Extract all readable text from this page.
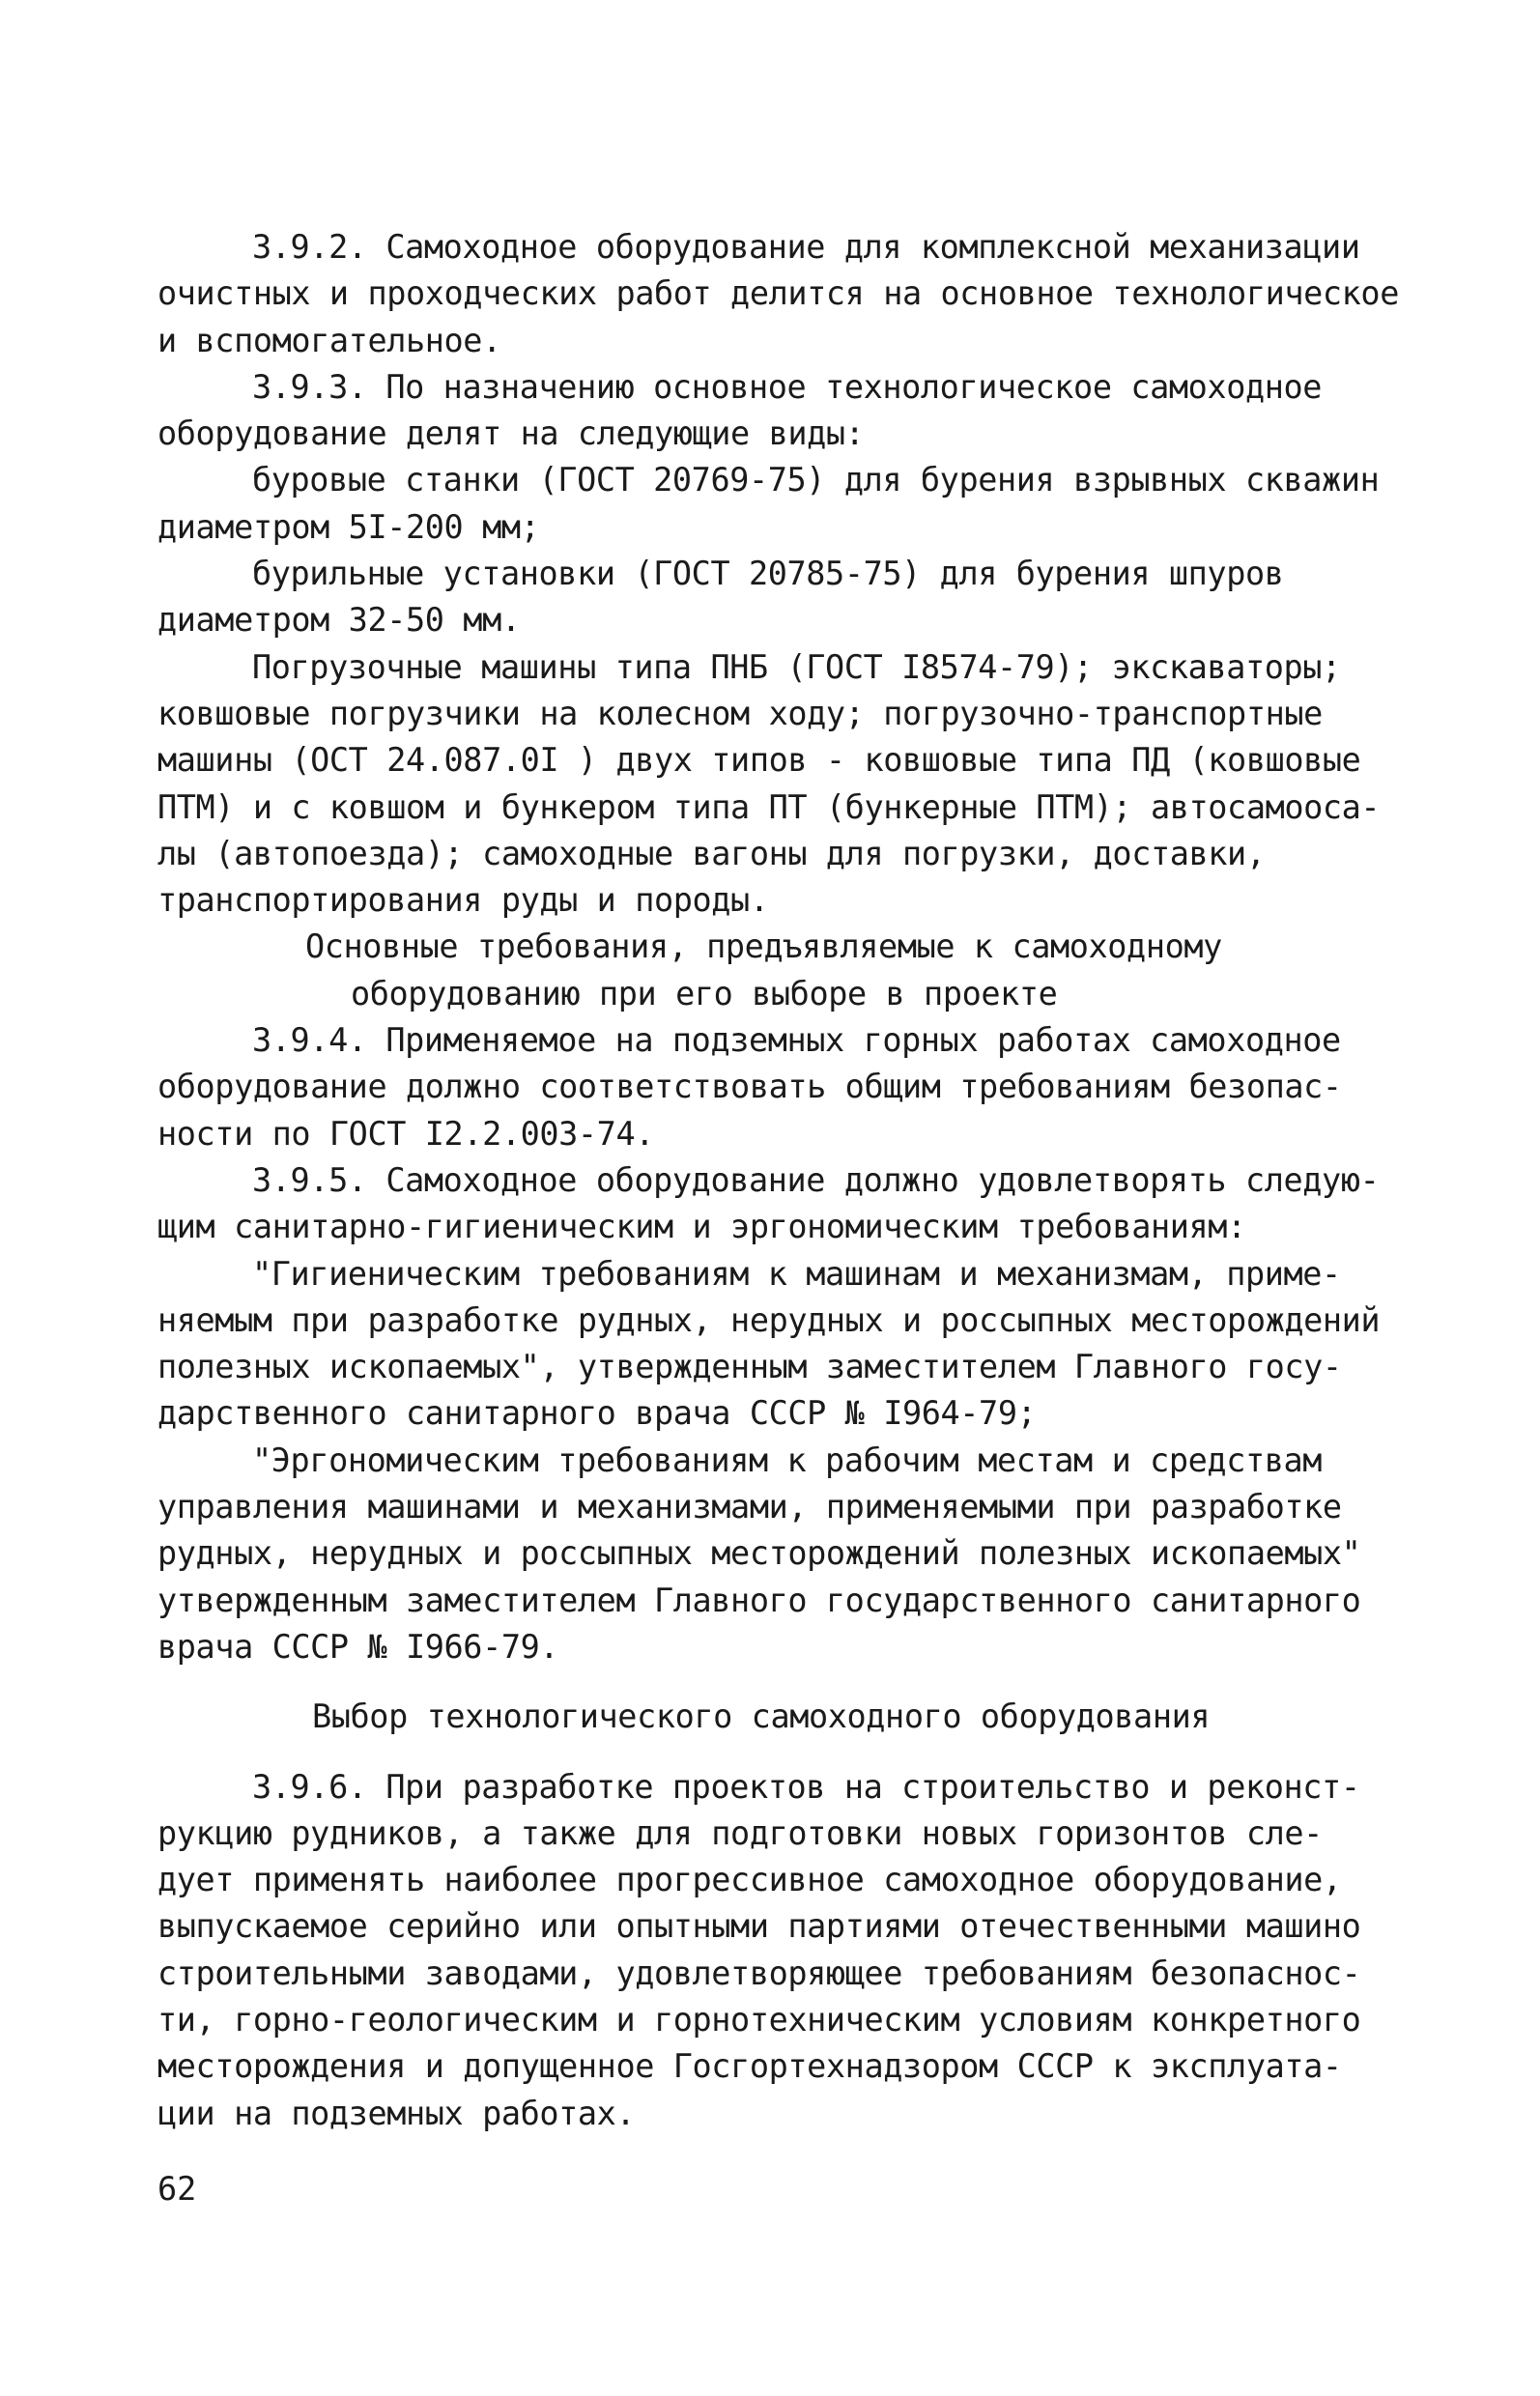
3.9.2. Самоходное оборудование для комплексной механизации
очистных и проходческих работ делится на основное технологическое
и вспомогательное.
3.9.3. По назначению основное технологическое самоходное
оборудование делят на следующие виды:
буровые станки (ГОСТ 20769-75) для бурения взрывных скважин
диаметром 5I-200 мм;
бурильные установки (ГОСТ 20785-75) для бурения шпуров
диаметром 32-50 мм.
Погрузочные машины типа ПНБ (ГОСТ I8574-79); экскаваторы;
ковшовые погрузчики на колесном ходу; погрузочно-транспортные
машины (ОСТ 24.087.0I ) двух типов - ковшовые типа ПД (ковшовые
ПТМ) и с ковшом и бункером типа ПТ (бункерные ПТМ); автосамооса-
лы (автопоезда); самоходные вагоны для погрузки, доставки,
транспортирования руды и породы.
Основные требования, предъявляемые к самоходному
оборудованию при его выборе в проекте
3.9.4. Применяемое на подземных горных работах самоходное
оборудование должно соответствовать общим требованиям безопас-
ности по ГОСТ I2.2.003-74.
3.9.5. Самоходное оборудование должно удовлетворять следую-
щим санитарно-гигиеническим и эргономическим требованиям:
"Гигиеническим требованиям к машинам и механизмам, приме-
няемым при разработке рудных, нерудных и россыпных месторождений
полезных ископаемых", утвержденным заместителем Главного госу-
дарственного санитарного врача СССР № I964-79;
"Эргономическим требованиям к рабочим местам и средствам
управления машинами и механизмами, применяемыми при разработке
рудных, нерудных и россыпных месторождений полезных ископаемых"
утвержденным заместителем Главного государственного санитарного
врача СССР № I966-79.
Выбор технологического самоходного оборудования
3.9.6. При разработке проектов на строительство и реконст-
рукцию рудников, а также для подготовки новых горизонтов сле-
дует применять наиболее прогрессивное самоходное оборудование,
выпускаемое серийно или опытными партиями отечественными машино
строительными заводами, удовлетворяющее требованиям безопаснос-
ти, горно-геологическим и горнотехническим условиям конкретного
месторождения и допущенное Госгортехнадзором СССР к эксплуата-
ции на подземных работах.
62
